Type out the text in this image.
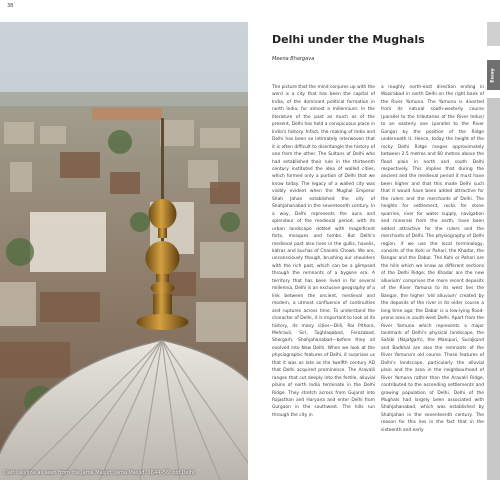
38
Delhi skyline as seen from the Jama Masjid; Jama Masjid, 1644–56; old Delhi
Delhi under the Mughals
Meena Bhargava

The picture that the mind conjures up with the word is a city that has been the capital of India, of the dominant political formation in north India, for almost a millennium. In the literature of the past as much as of the present, Delhi has held a conspicuous place in India's history. Infact, the making of India and Delhi has been so intimately interwoven that it is often difficult to disentangle the history of one from the other. The Sultans of Delhi who had established their rule in the thirteenth century instituted the idea of walled cities, which formed only a portion of Delhi that we know today. The legacy of a walled city was visibly evident when the Mughal Emperor Shah Jahan established the city of Shahjahanabad in the seventeenth century. In a way, Delhi represents the aura and splendour of the medieval period, with its urban landscape dotted with magnificent forts, mosques and tombs. But Delhi's medieval past also lives in the gullis, havelis, katras and kuchas of Chandni Chowk. We are, unconsciously though, brushing our shoulders with the rich past, which can be a glimpsed through the remnants of a bygone era. A territory that has been lived in for several millennia, Delhi is an exclusive geography of a link between the ancient, medieval and modern, a utmost confluence of continuities and ruptures across time. To understand the character of Delhi, it is important to look at its history, its many cities—Dilli, Rai Pithora, Mehrauli, Siri, Tughlaqabad, Ferozabad, Shergarh, Shahjahanabad—before they all evolved into New Delhi. When we look at the physiographic features of Delhi, it surprises us that it was as late as the twelfth century AD that Delhi acquired prominence. The Aravalli ranges that cut deeply into the fertile, alluvial plains of north India terminate in the Delhi Ridge. They stretch across from Gujarat into Rajasthan and Haryana and enter Delhi from Gurgaon in the southwest. The hills run through the city in

a roughly north-east direction ending in Wazirabad in north Delhi on the right bank of the River Yamuna. The Yamuna is diverted from its natural south-westerly course (parallel to the tributaries of the River Indus) to an easterly one (parallel to the River Ganga) by the position of the Ridge underneath it. Hence, today the height of the rocky Delhi Ridge ranges approximately between 2.5 metres and 60 metres above the flood plain in north and south Delhi respectively. This implies that during the ancient and the medieval period it must have been higher and that this made Delhi such that it would have been added attractive for the rulers and the merchants of Delhi. The heights for settlement, rocks for stone quarries, river for water supply, navigation and minerals from the earth, have been added attractive for the rulers and the merchants of Delhi. The physiography of Delhi region, if we use the local terminology, consists of the Kohi or Pahari, the Khadar, the Bangar and the Dabar. The Kohi or Pahari are the hills which we know as different sections of the Delhi Ridge; the Khadar are the new alluvium' comprises the more recent deposits of the River Yamuna to its west lies the Bangar, the higher 'old alluvium' created by the deposits of the river in its older course a long time ago; the Dabar is a low-lying flood-prone area in south-west Delhi. Apart from the River Yamuna which represents a major landmark of Delhi's physical landscape, the Sahibi (Najafgarh), the Manipuri, Surajkund and Badkhal are also the remnants of the River Yamuna's old course. These features of Delhi's landscape, particularly the alluvial plain and the area in the neighbourhood of River Yamuna rather than the Aravalli Ridge, contributed to the ascending settlements and growing population of Delhi. Delhi of the Mughals had largely been associated with Shahjahanabad, which was established by Shahjahan in the seventeenth century. The reason for this lies in the fact that in the sixteenth and early

Essay
